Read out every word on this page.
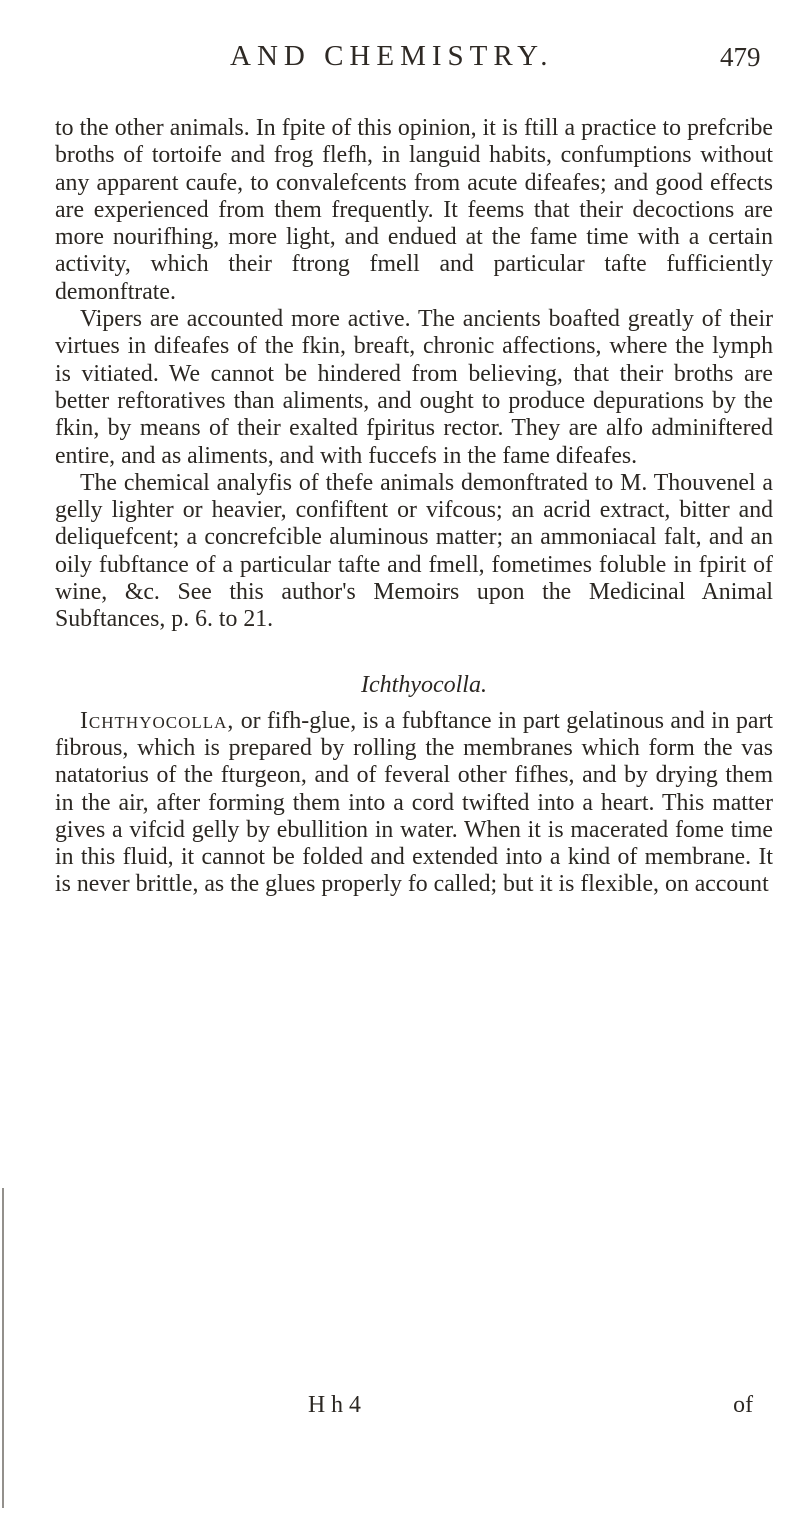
AND CHEMISTRY.	479

to the other animals. In fpite of this opinion, it is ftill a practice to prefcribe broths of tortoife and frog flefh, in languid habits, confumptions without any apparent caufe, to convalefcents from acute difeafes; and good effects are experienced from them frequently. It feems that their decoctions are more nourifhing, more light, and endued at the fame time with a certain activity, which their ftrong fmell and particular tafte fufficiently demonftrate.

Vipers are accounted more active. The ancients boafted greatly of their virtues in difeafes of the fkin, breaft, chronic affections, where the lymph is vitiated. We cannot be hindered from believing, that their broths are better reftoratives than aliments, and ought to produce depurations by the fkin, by means of their exalted fpiritus rector. They are alfo adminiftered entire, and as aliments, and with fuccefs in the fame difeafes.

The chemical analyfis of thefe animals demonftrated to M. Thouvenel a gelly lighter or heavier, confiftent or vifcous; an acrid extract, bitter and deliquefcent; a concrefcible aluminous matter; an ammoniacal falt, and an oily fubftance of a particular tafte and fmell, fometimes foluble in fpirit of wine, &c. See this author's Memoirs upon the Medicinal Animal Subftances, p. 6. to 21.

Ichthyocolla.

Ichthyocolla, or fifh-glue, is a fubftance in part gelatinous and in part fibrous, which is prepared by rolling the membranes which form the vas natatorius of the fturgeon, and of feveral other fifhes, and by drying them in the air, after forming them into a cord twifted into a heart. This matter gives a vifcid gelly by ebullition in water. When it is macerated fome time in this fluid, it cannot be folded and extended into a kind of membrane. It is never brittle, as the glues properly fo called; but it is flexible, on account

H h 4	of
